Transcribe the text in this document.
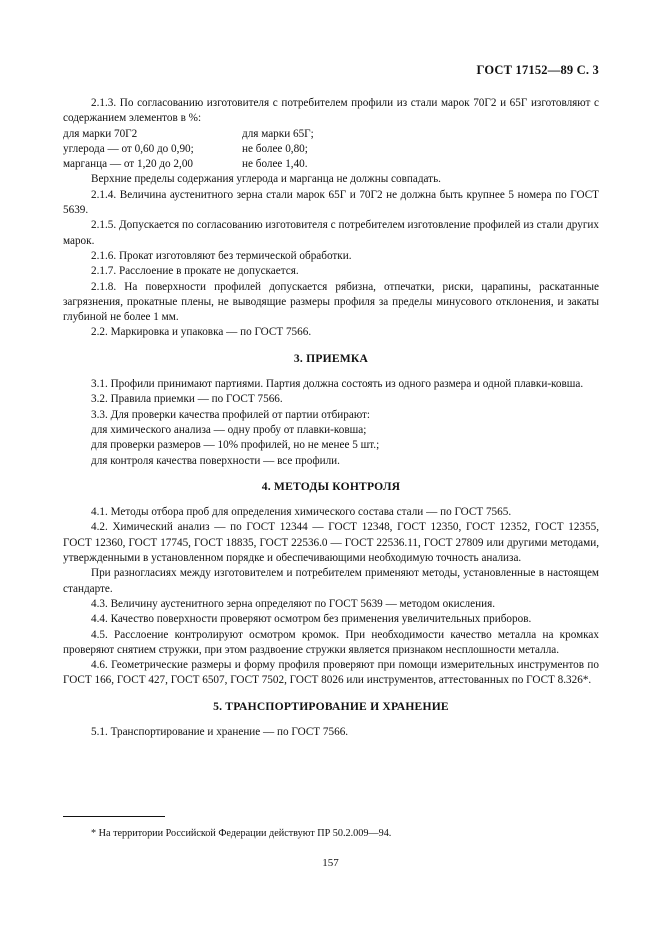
ГОСТ 17152—89 С. 3

2.1.3. По согласованию изготовителя с потребителем профили из стали марок 70Г2 и 65Г изготовляют с содержанием элементов в %:

для марки 70Г2	для марки 65Г;
углерода — от 0,60 до 0,90;	не более 0,80;
марганца — от 1,20 до 2,00	не более 1,40.

Верхние пределы содержания углерода и марганца не должны совпадать.

2.1.4. Величина аустенитного зерна стали марок 65Г и 70Г2 не должна быть крупнее 5 номера по ГОСТ 5639.

2.1.5. Допускается по согласованию изготовителя с потребителем изготовление профилей из стали других марок.

2.1.6. Прокат изготовляют без термической обработки.

2.1.7. Расслоение в прокате не допускается.

2.1.8. На поверхности профилей допускается рябизна, отпечатки, риски, царапины, раскатанные загрязнения, прокатные плены, не выводящие размеры профиля за пределы минусового отклонения, и закаты глубиной не более 1 мм.

2.2. Маркировка и упаковка — по ГОСТ 7566.

3. ПРИЕМКА

3.1. Профили принимают партиями. Партия должна состоять из одного размера и одной плавки-ковша.

3.2. Правила приемки — по ГОСТ 7566.

3.3. Для проверки качества профилей от партии отбирают:

для химического анализа — одну пробу от плавки-ковша;

для проверки размеров — 10% профилей, но не менее 5 шт.;

для контроля качества поверхности — все профили.

4. МЕТОДЫ КОНТРОЛЯ

4.1. Методы отбора проб для определения химического состава стали — по ГОСТ 7565.

4.2. Химический анализ — по ГОСТ 12344 — ГОСТ 12348, ГОСТ 12350, ГОСТ 12352, ГОСТ 12355, ГОСТ 12360, ГОСТ 17745, ГОСТ 18835, ГОСТ 22536.0 — ГОСТ 22536.11, ГОСТ 27809 или другими методами, утвержденными в установленном порядке и обеспечивающими необходимую точность анализа.

При разногласиях между изготовителем и потребителем применяют методы, установленные в настоящем стандарте.

4.3. Величину аустенитного зерна определяют по ГОСТ 5639 — методом окисления.

4.4. Качество поверхности проверяют осмотром без применения увеличительных приборов.

4.5. Расслоение контролируют осмотром кромок. При необходимости качество металла на кромках проверяют снятием стружки, при этом раздвоение стружки является признаком несплошности металла.

4.6. Геометрические размеры и форму профиля проверяют при помощи измерительных инструментов по ГОСТ 166, ГОСТ 427, ГОСТ 6507, ГОСТ 7502, ГОСТ 8026 или инструментов, аттестованных по ГОСТ 8.326*.

5. ТРАНСПОРТИРОВАНИЕ И ХРАНЕНИЕ

5.1. Транспортирование и хранение — по ГОСТ 7566.

* На территории Российской Федерации действуют ПР 50.2.009—94.
157
